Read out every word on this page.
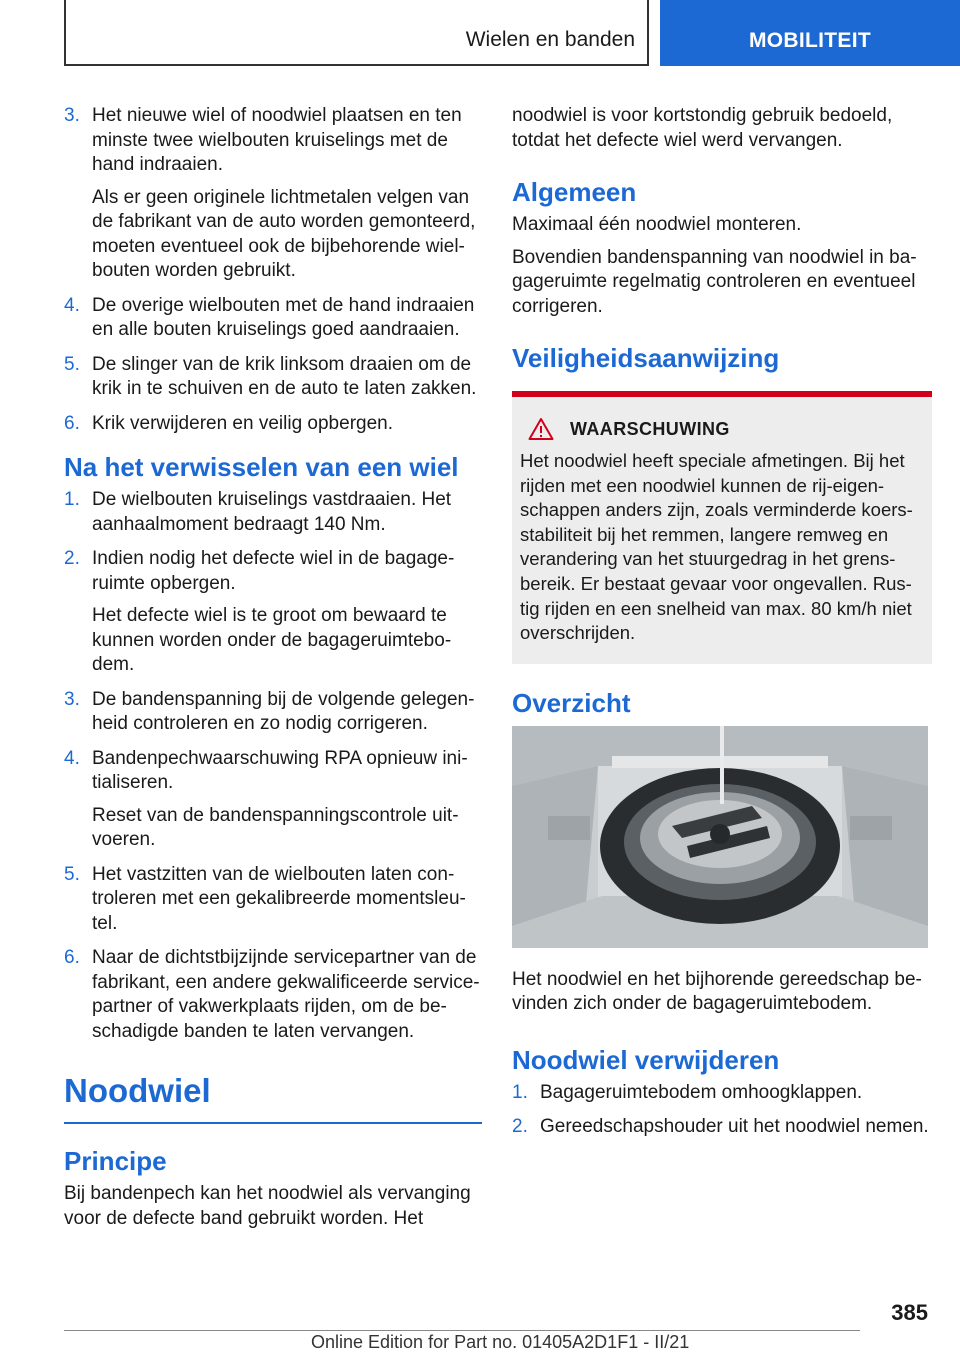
Wielen en banden	MOBILITEIT
3. Het nieuwe wiel of noodwiel plaatsen en ten minste twee wielbouten kruiselings met de hand indraaien.
Als er geen originele lichtmetalen velgen van de fabrikant van de auto worden gemonteerd, moeten eventueel ook de bijbehorende wielbouten worden gebruikt.
4. De overige wielbouten met de hand indraaien en alle bouten kruiselings goed aandraaien.
5. De slinger van de krik linksom draaien om de krik in te schuiven en de auto te laten zakken.
6. Krik verwijderen en veilig opbergen.
Na het verwisselen van een wiel
1. De wielbouten kruiselings vastdraaien. Het aanhaalmoment bedraagt 140 Nm.
2. Indien nodig het defecte wiel in de bagageruimte opbergen.
Het defecte wiel is te groot om bewaard te kunnen worden onder de bagageruimtebodem.
3. De bandenspanning bij de volgende gelegenheid controleren en zo nodig corrigeren.
4. Bandenpechwaarschuwing RPA opnieuw initialiseren.
Reset van de bandenspanningscontrole uitvoeren.
5. Het vastzitten van de wielbouten laten controleren met een gekalibreerde momentsleutel.
6. Naar de dichtstbijzijnde servicepartner van de fabrikant, een andere gekwalificeerde servicepartner of vakwerkplaats rijden, om de beschadigde banden te laten vervangen.
Noodwiel
Principe
Bij bandenpech kan het noodwiel als vervanging voor de defecte band gebruikt worden. Het
noodwiel is voor kortstondig gebruik bedoeld, totdat het defecte wiel werd vervangen.
Algemeen
Maximaal één noodwiel monteren.
Bovendien bandenspanning van noodwiel in bagageruimte regelmatig controleren en eventueel corrigeren.
Veiligheidsaanwijzing
WAARSCHUWING
Het noodwiel heeft speciale afmetingen. Bij het rijden met een noodwiel kunnen de rij-eigenschappen anders zijn, zoals verminderde koersstabiliteit bij het remmen, langere remweg en verandering van het stuurgedrag in het grensbereik. Er bestaat gevaar voor ongevallen. Rustig rijden en een snelheid van max. 80 km/h niet overschrijden.
Overzicht
Het noodwiel en het bijhorende gereedschap bevinden zich onder de bagageruimtebodem.
Noodwiel verwijderen
1. Bagageruimtebodem omhoogklappen.
2. Gereedschapshouder uit het noodwiel nemen.
385
Online Edition for Part no. 01405A2D1F1 - II/21
